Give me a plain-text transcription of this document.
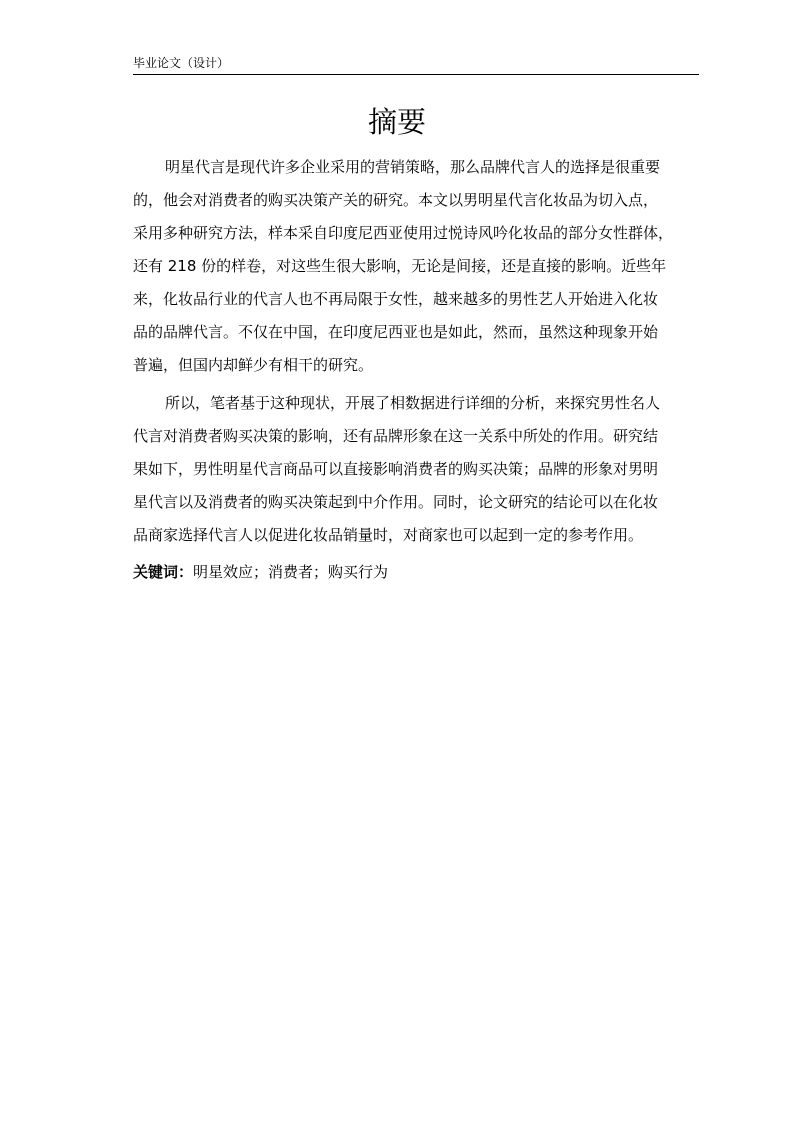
毕业论文（设计）
摘要
明星代言是现代许多企业采用的营销策略，那么品牌代言人的选择是很重要
的，他会对消费者的购买决策产关的研究。本文以男明星代言化妆品为切入点，
采用多种研究方法，样本采自印度尼西亚使用过悦诗风吟化妆品的部分女性群体，
还有 218 份的样卷，对这些生很大影响，无论是间接，还是直接的影响。近些年
来，化妆品行业的代言人也不再局限于女性，越来越多的男性艺人开始进入化妆
品的品牌代言。不仅在中国，在印度尼西亚也是如此，然而，虽然这种现象开始
普遍，但国内却鲜少有相干的研究。
所以，笔者基于这种现状，开展了相数据进行详细的分析，来探究男性名人
代言对消费者购买决策的影响，还有品牌形象在这一关系中所处的作用。研究结
果如下，男性明星代言商品可以直接影响消费者的购买决策；品牌的形象对男明
星代言以及消费者的购买决策起到中介作用。同时，论文研究的结论可以在化妆
品商家选择代言人以促进化妆品销量时，对商家也可以起到一定的参考作用。
关键词：明星效应；消费者；购买行为
